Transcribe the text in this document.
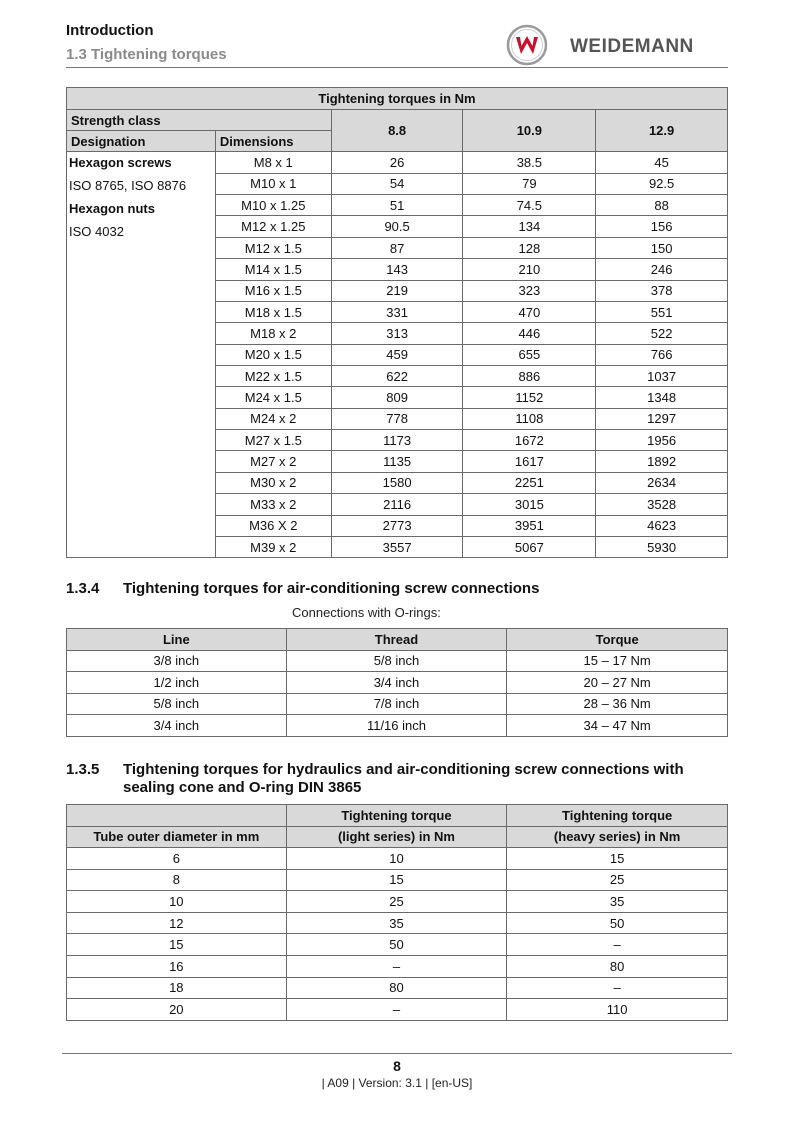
Introduction
1.3 Tightening torques	WEIDEMANN
Tightening torques in Nm				
Strength class		8.8	10.9	12.9
Designation	Dimensions			

Hexagon screws
ISO 8765, ISO 8876
Hexagon nuts
ISO 4032	M8 x 1	26	38.5	45
	M10 x 1	54	79	92.5
	M10 x 1.25	51	74.5	88
	M12 x 1.25	90.5	134	156
	M12 x 1.5	87	128	150
	M14 x 1.5	143	210	246
	M16 x 1.5	219	323	378
	M18 x 1.5	331	470	551
	M18 x 2	313	446	522
	M20 x 1.5	459	655	766
	M22 x 1.5	622	886	1037
	M24 x 1.5	809	1152	1348
	M24 x 2	778	1108	1297
	M27 x 1.5	1173	1672	1956
	M27 x 2	1135	1617	1892
	M30 x 2	1580	2251	2634
	M33 x 2	2116	3015	3528
	M36 X 2	2773	3951	4623
	M39 x 2	3557	5067	5930
1.3.4 Tightening torques for air-conditioning screw connections
Connections with O-rings:
Line	Thread	Torque
3/8 inch	5/8 inch	15 – 17 Nm
1/2 inch	3/4 inch	20 – 27 Nm
5/8 inch	7/8 inch	28 – 36 Nm
3/4 inch	11/16 inch	34 – 47 Nm
1.3.5 Tightening torques for hydraulics and air-conditioning screw connections with sealing cone and O-ring DIN 3865
	Tightening torque	Tightening torque
Tube outer diameter in mm	(light series) in Nm	(heavy series) in Nm
6	10	15
8	15	25
10	25	35
12	35	50
15	50	–
16	–	80
18	80	–
20	–	110
8
| A09 | Version: 3.1 | [en-US]
